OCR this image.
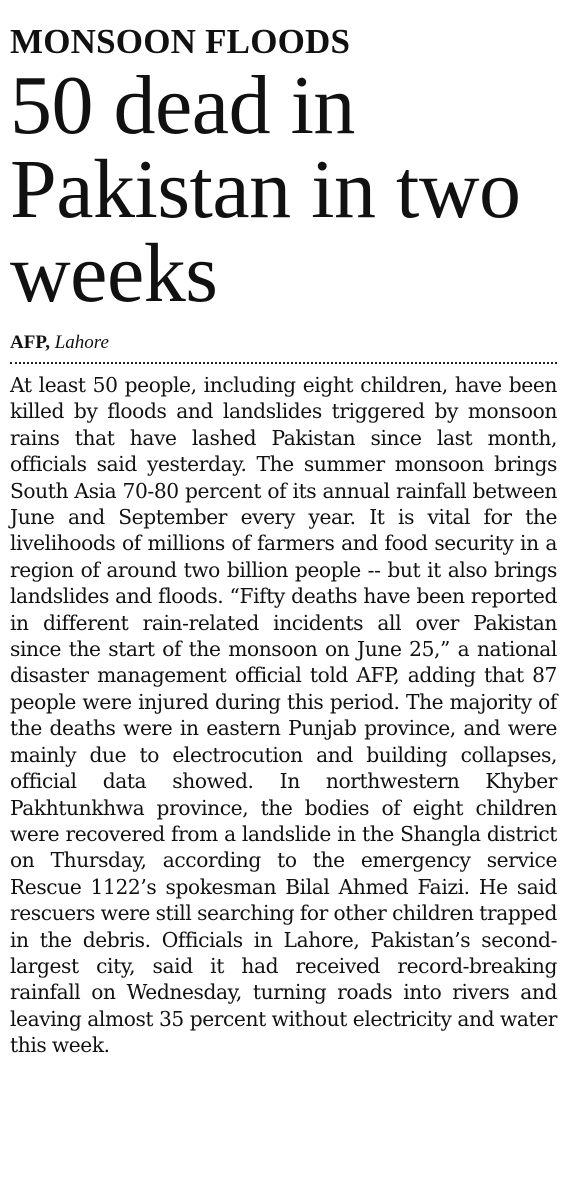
MONSOON FLOODS
50 dead in Pakistan in two weeks
AFP, Lahore

At least 50 people, including eight children, have been killed by floods and landslides triggered by monsoon rains that have lashed Pakistan since last month, officials said yesterday. The summer monsoon brings South Asia 70-80 percent of its annual rainfall between June and September every year. It is vital for the livelihoods of millions of farmers and food security in a region of around two billion people -- but it also brings landslides and floods. “Fifty deaths have been reported in different rain-related incidents all over Pakistan since the start of the monsoon on June 25,” a national disaster management official told AFP, adding that 87 people were injured during this period. The majority of the deaths were in eastern Punjab province, and were mainly due to electrocution and building collapses, official data showed. In northwestern Khyber Pakhtunkhwa province, the bodies of eight children were recovered from a landslide in the Shangla district on Thursday, according to the emergency service Rescue 1122’s spokesman Bilal Ahmed Faizi. He said rescuers were still searching for other children trapped in the debris. Officials in Lahore, Pakistan’s second-largest city, said it had received record-breaking rainfall on Wednesday, turning roads into rivers and leaving almost 35 percent without electricity and water this week.
